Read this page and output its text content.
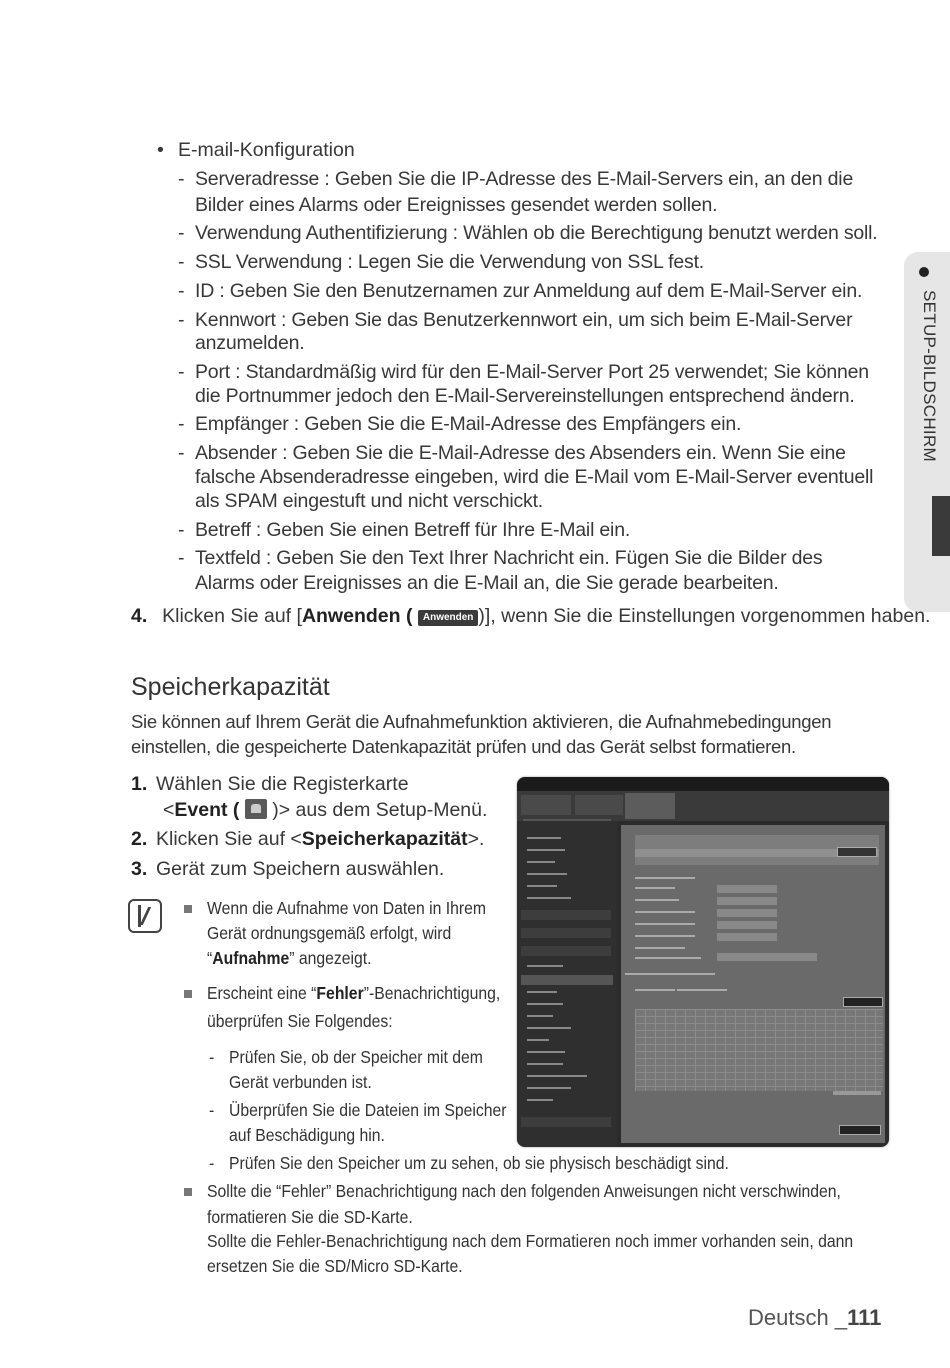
SETUP-BILDSCHIRM
• E-mail-Konfiguration
- Serveradresse : Geben Sie die IP-Adresse des E-Mail-Servers ein, an den die
Bilder eines Alarms oder Ereignisses gesendet werden sollen.
- Verwendung Authentifizierung : Wählen ob die Berechtigung benutzt werden soll.
- SSL Verwendung : Legen Sie die Verwendung von SSL fest.
- ID : Geben Sie den Benutzernamen zur Anmeldung auf dem E-Mail-Server ein.
- Kennwort : Geben Sie das Benutzerkennwort ein, um sich beim E-Mail-Server
anzumelden.
- Port : Standardmäßig wird für den E-Mail-Server Port 25 verwendet; Sie können
die Portnummer jedoch den E-Mail-Servereinstellungen entsprechend ändern.
- Empfänger : Geben Sie die E-Mail-Adresse des Empfängers ein.
- Absender : Geben Sie die E-Mail-Adresse des Absenders ein. Wenn Sie eine
falsche Absenderadresse eingeben, wird die E-Mail vom E-Mail-Server eventuell
als SPAM eingestuft und nicht verschickt.
- Betreff : Geben Sie einen Betreff für Ihre E-Mail ein.
- Textfeld : Geben Sie den Text Ihrer Nachricht ein. Fügen Sie die Bilder des
Alarms oder Ereignisses an die E-Mail an, die Sie gerade bearbeiten.
4. Klicken Sie auf [Anwenden ( Anwenden )], wenn Sie die Einstellungen vorgenommen haben.
Speicherkapazität
Sie können auf Ihrem Gerät die Aufnahmefunktion aktivieren, die Aufnahmebedingungen
einstellen, die gespeicherte Datenkapazität prüfen und das Gerät selbst formatieren.
1. Wählen Sie die Registerkarte
<Event ( )> aus dem Setup-Menü.
2. Klicken Sie auf <Speicherkapazität>.
3. Gerät zum Speichern auswählen.
Wenn die Aufnahme von Daten in Ihrem
Gerät ordnungsgemäß erfolgt, wird
“Aufnahme” angezeigt.
Erscheint eine “Fehler”-Benachrichtigung,
überprüfen Sie Folgendes:
- Prüfen Sie, ob der Speicher mit dem
Gerät verbunden ist.
- Überprüfen Sie die Dateien im Speicher
auf Beschädigung hin.
- Prüfen Sie den Speicher um zu sehen, ob sie physisch beschädigt sind.
Sollte die “Fehler” Benachrichtigung nach den folgenden Anweisungen nicht verschwinden,
formatieren Sie die SD-Karte.
Sollte die Fehler-Benachrichtigung nach dem Formatieren noch immer vorhanden sein, dann
ersetzen Sie die SD/Micro SD-Karte.
Deutsch _111
